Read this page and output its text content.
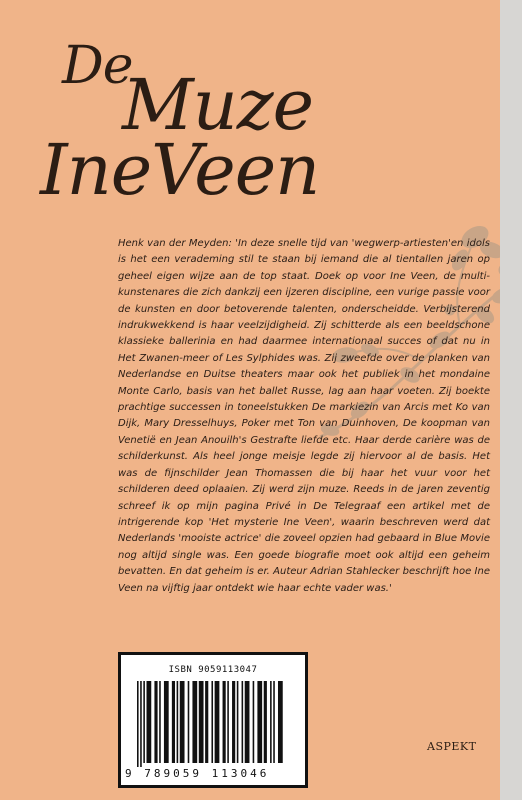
De
Muze
IneVeen

Henk van der Meyden: 'In deze snelle tijd van 'wegwerp-artiesten'en idols is het een verademing stil te staan bij iemand die al tientallen jaren op geheel eigen wijze aan de top staat. Doek op voor Ine Veen, de multi-kunstenares die zich dankzij een ijzeren discipline, een vurige passie voor de kunsten en door betoverende talenten, onderscheidde. Verbijsterend indrukwekkend is haar veelzijdigheid. Zij schitterde als een beeldschone klassieke ballerinia en had daarmee internationaal succes of dat nu in Het Zwanen-meer of Les Sylphides was. Zij zweefde over de planken van Nederlandse en Duitse theaters maar ook het publiek in het mondaine Monte Carlo, basis van het ballet Russe, lag aan haar voeten. Zij boekte prachtige successen in toneelstukken De markiezin van Arcis met Ko van Dijk, Mary Dresselhuys, Poker met Ton van Duinhoven, De koopman van Venetië en Jean Anouilh's Gestrafte liefde etc. Haar derde carière was de schilderkunst. Als heel jonge meisje legde zij hiervoor al de basis. Het was de fijnschilder Jean Thomassen die bij haar het vuur voor het schilderen deed oplaaien. Zij werd zijn muze. Reeds in de jaren zeventig schreef ik op mijn pagina Privé in De Telegraaf een artikel met de intrigerende kop 'Het mysterie Ine Veen', waarin beschreven werd dat Nederlands 'mooiste actrice' die zoveel opzien had gebaard in Blue Movie nog altijd single was. Een goede biografie moet ook altijd een geheim bevatten. En dat geheim is er. Auteur Adrian Stahlecker beschrijft hoe Ine Veen na vijftig jaar ontdekt wie haar echte vader was.'

ISBN 9059113047
9 789059 113046
ASPEKT
